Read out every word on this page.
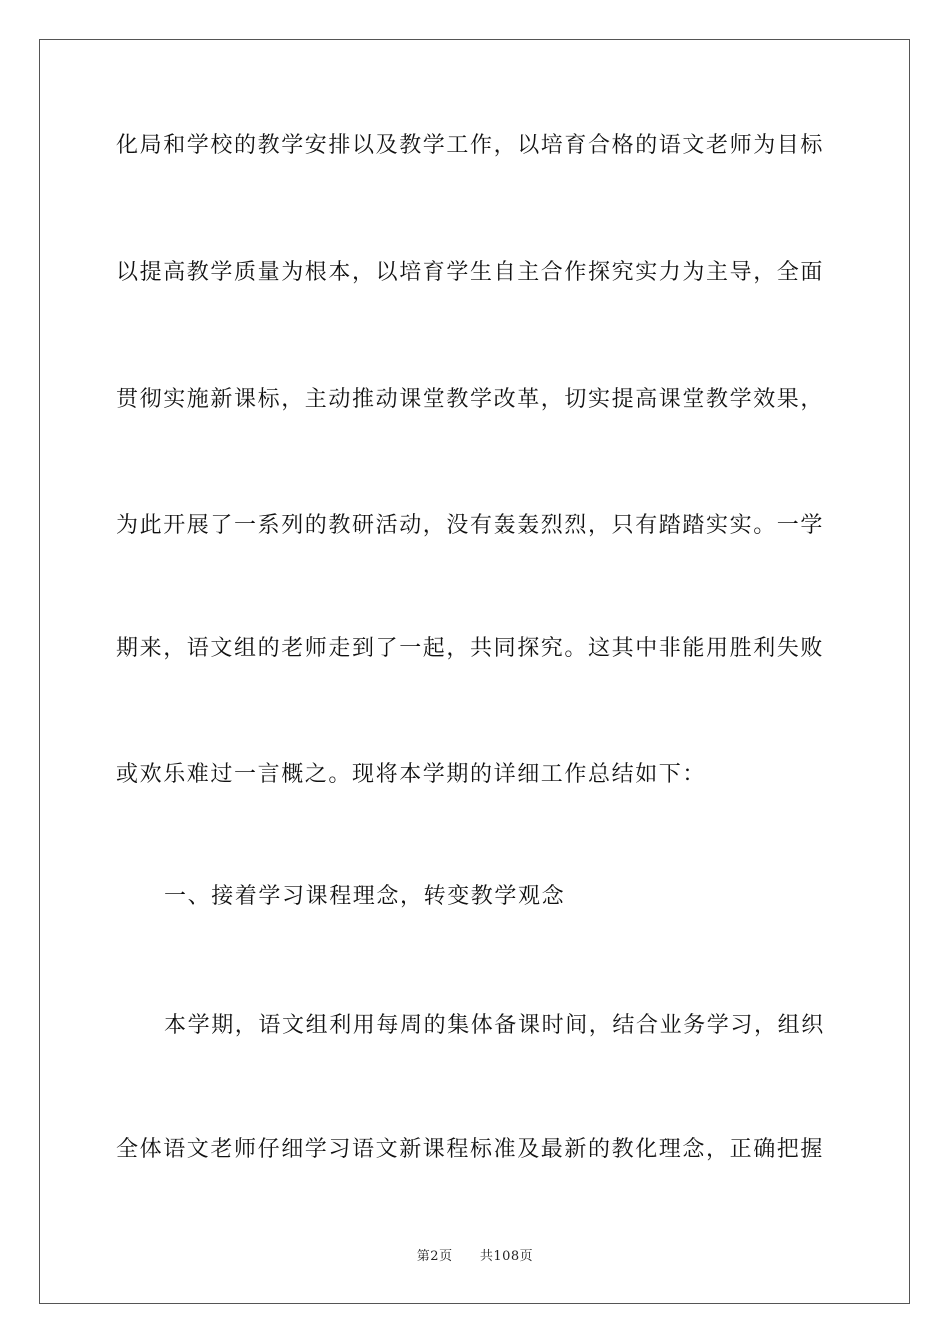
化局和学校的教学安排以及教学工作，以培育合格的语文老师为目标
以提高教学质量为根本，以培育学生自主合作探究实力为主导，全面
贯彻实施新课标，主动推动课堂教学改革，切实提高课堂教学效果，
为此开展了一系列的教研活动，没有轰轰烈烈，只有踏踏实实。一学
期来，语文组的老师走到了一起，共同探究。这其中非能用胜利失败
或欢乐难过一言概之。现将本学期的详细工作总结如下：
一、接着学习课程理念，转变教学观念
本学期，语文组利用每周的集体备课时间，结合业务学习，组织
全体语文老师仔细学习语文新课程标准及最新的教化理念，正确把握
第2页 共108页
